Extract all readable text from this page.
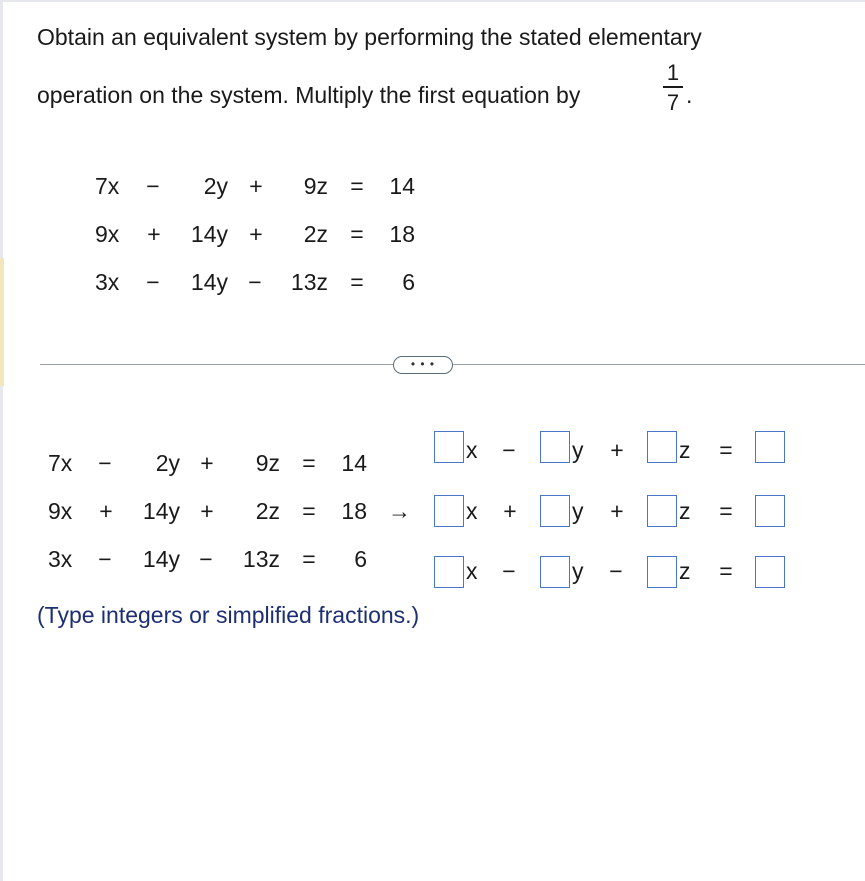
Obtain an equivalent system by performing the stated elementary
operation on the system. Multiply the first equation by
1
7 .
7x −	2y +	9z =	14
9x +	14y +	2z =	18
3x −	14y −	13z =	6
• • •
7x −	2y +	9z =	14
9x +	14y +	2z =	18
3x −	14y −	13z =	6
→
x − y + z =
x + y + z =
x − y − z =
(Type integers or simplified fractions.)
